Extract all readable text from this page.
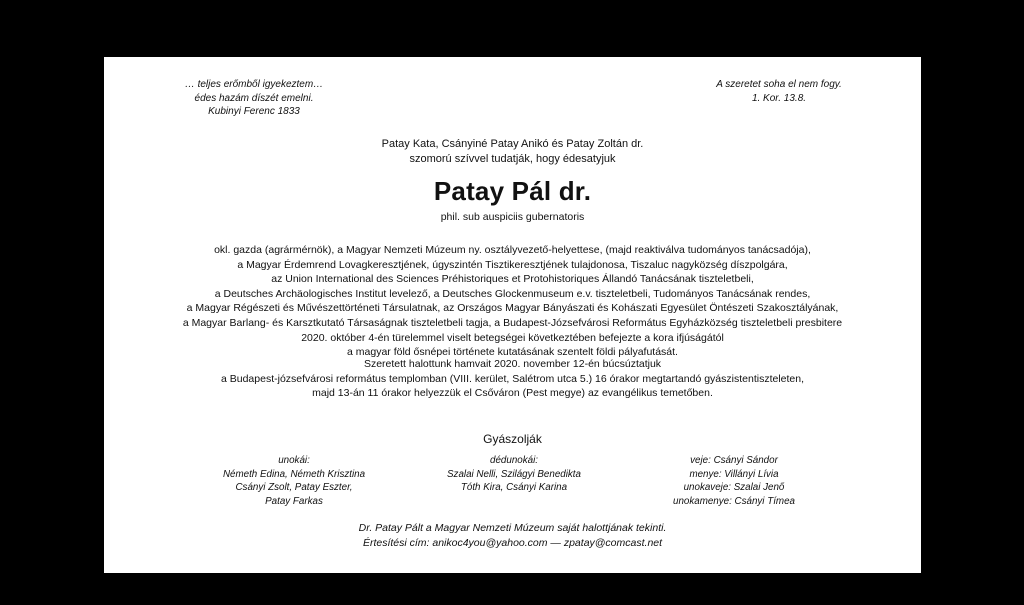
… teljes erőmből igyekeztem…
édes hazám díszét emelni.
Kubinyi Ferenc 1833
A szeretet soha el nem fogy.
1. Kor. 13.8.
Patay Kata, Csányiné Patay Anikó és Patay Zoltán dr.
szomorú szívvel tudatják, hogy édesatyjuk
Patay Pál dr.
phil. sub auspiciis gubernatoris
okl. gazda (agrármérnök), a Magyar Nemzeti Múzeum ny. osztályvezető-helyettese, (majd reaktiválva tudományos tanácsadója),
a Magyar Érdemrend Lovagkeresztjének, úgyszintén Tisztikeresztjének tulajdonosa, Tiszaluc nagyközség díszpolgára,
az Union International des Sciences Préhistoriques et Protohistoriques Állandó Tanácsának tiszteletbeli,
a Deutsches Archäologisches Institut levelező, a Deutsches Glockenmuseum e.v. tiszteletbeli, Tudományos Tanácsának rendes,
a Magyar Régészeti és Művészettörténeti Társulatnak, az Országos Magyar Bányászati és Kohászati Egyesület Öntészeti Szakosztályának,
a Magyar Barlang- és Karsztkutató Társaságnak tiszteletbeli tagja, a Budapest-Józsefvárosi Református Egyházközség tiszteletbeli presbitere
2020. október 4-én türelemmel viselt betegségei következtében befejezte a kora ifjúságától
a magyar föld ősnépei története kutatásának szentelt földi pályafutását.
Szeretett halottunk hamvait 2020. november 12-én búcsúztatjuk
a Budapest-józsefvárosi református templomban (VIII. kerület, Salétrom utca 5.) 16 órakor megtartandó gyászistentiszteleten,
majd 13-án 11 órakor helyezzük el Csőváron (Pest megye) az evangélikus temetőben.
Gyászolják
unokái:
Németh Edina, Németh Krisztina
Csányi Zsolt, Patay Eszter,
Patay Farkas
dédunokái:
Szalai Nelli, Szilágyi Benedikta
Tóth Kira, Csányi Karina
veje: Csányi Sándor
menye: Villányi Lívia
unokaveje: Szalai Jenő
unokamenye: Csányi Tímea
Dr. Patay Pált a Magyar Nemzeti Múzeum saját halottjának tekinti.
Értesítési cím: anikoc4you@yahoo.com — zpatay@comcast.net
